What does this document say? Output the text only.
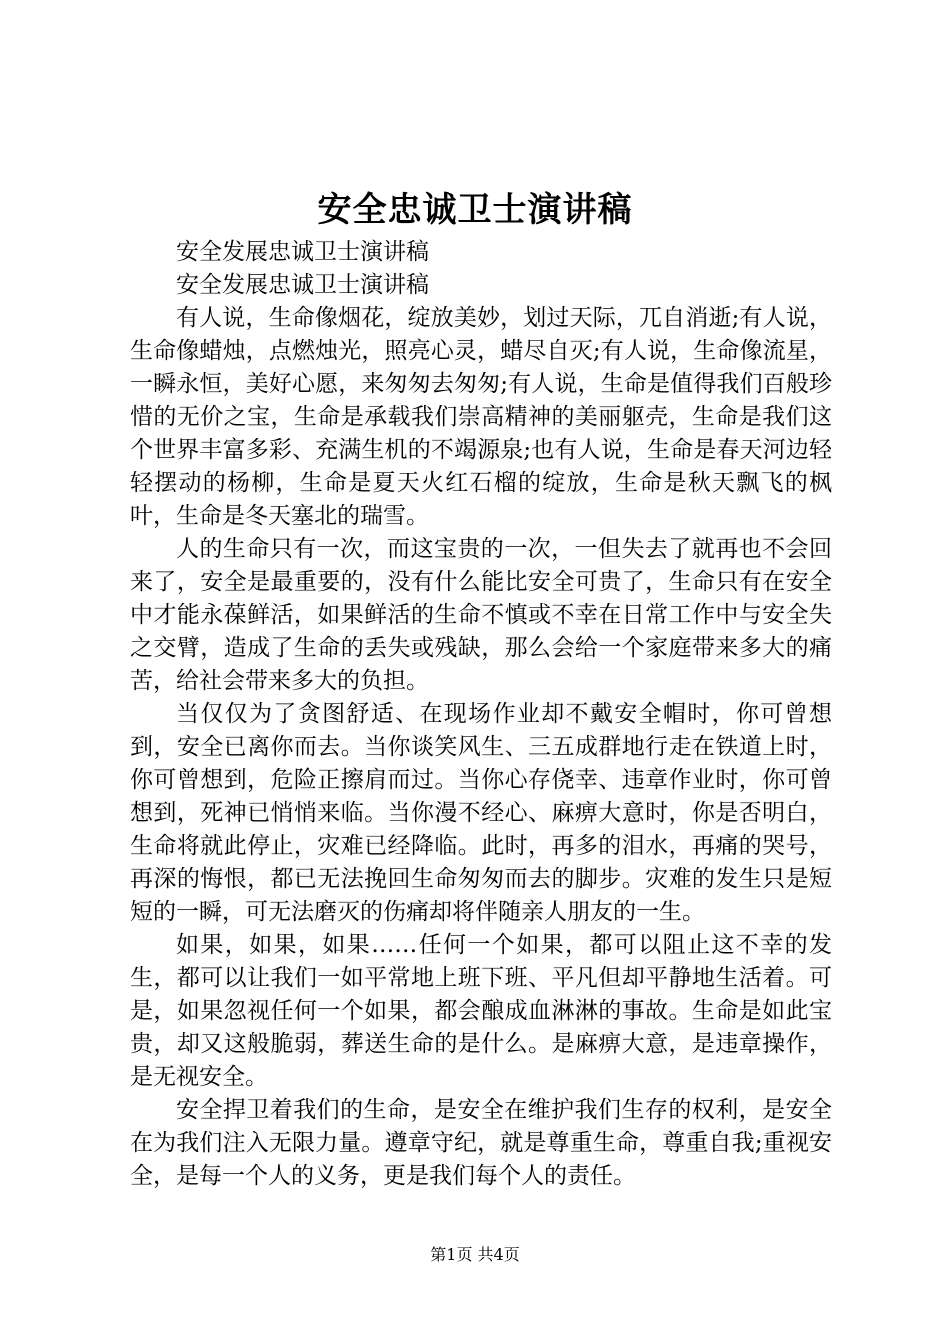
安全忠诚卫士演讲稿

安全发展忠诚卫士演讲稿

安全发展忠诚卫士演讲稿

有人说，生命像烟花，绽放美妙，划过天际，兀自消逝;有人说，生命像蜡烛，点燃烛光，照亮心灵，蜡尽自灭;有人说，生命像流星，一瞬永恒，美好心愿，来匆匆去匆匆;有人说，生命是值得我们百般珍惜的无价之宝，生命是承载我们崇高精神的美丽躯壳，生命是我们这个世界丰富多彩、充满生机的不竭源泉;也有人说，生命是春天河边轻轻摆动的杨柳，生命是夏天火红石榴的绽放，生命是秋天飘飞的枫叶，生命是冬天塞北的瑞雪。

人的生命只有一次，而这宝贵的一次，一但失去了就再也不会回来了，安全是最重要的，没有什么能比安全可贵了，生命只有在安全中才能永葆鲜活，如果鲜活的生命不慎或不幸在日常工作中与安全失之交臂，造成了生命的丢失或残缺，那么会给一个家庭带来多大的痛苦，给社会带来多大的负担。

当仅仅为了贪图舒适、在现场作业却不戴安全帽时，你可曾想到，安全已离你而去。当你谈笑风生、三五成群地行走在铁道上时，你可曾想到，危险正擦肩而过。当你心存侥幸、违章作业时，你可曾想到，死神已悄悄来临。当你漫不经心、麻痹大意时，你是否明白，生命将就此停止，灾难已经降临。此时，再多的泪水，再痛的哭号，再深的悔恨，都已无法挽回生命匆匆而去的脚步。灾难的发生只是短短的一瞬，可无法磨灭的伤痛却将伴随亲人朋友的一生。

如果，如果，如果……任何一个如果，都可以阻止这不幸的发生，都可以让我们一如平常地上班下班、平凡但却平静地生活着。可是，如果忽视任何一个如果，都会酿成血淋淋的事故。生命是如此宝贵，却又这般脆弱，葬送生命的是什么。是麻痹大意，是违章操作，是无视安全。

安全捍卫着我们的生命，是安全在维护我们生存的权利，是安全在为我们注入无限力量。遵章守纪，就是尊重生命，尊重自我;重视安全，是每一个人的义务，更是我们每个人的责任。

第1页 共4页
